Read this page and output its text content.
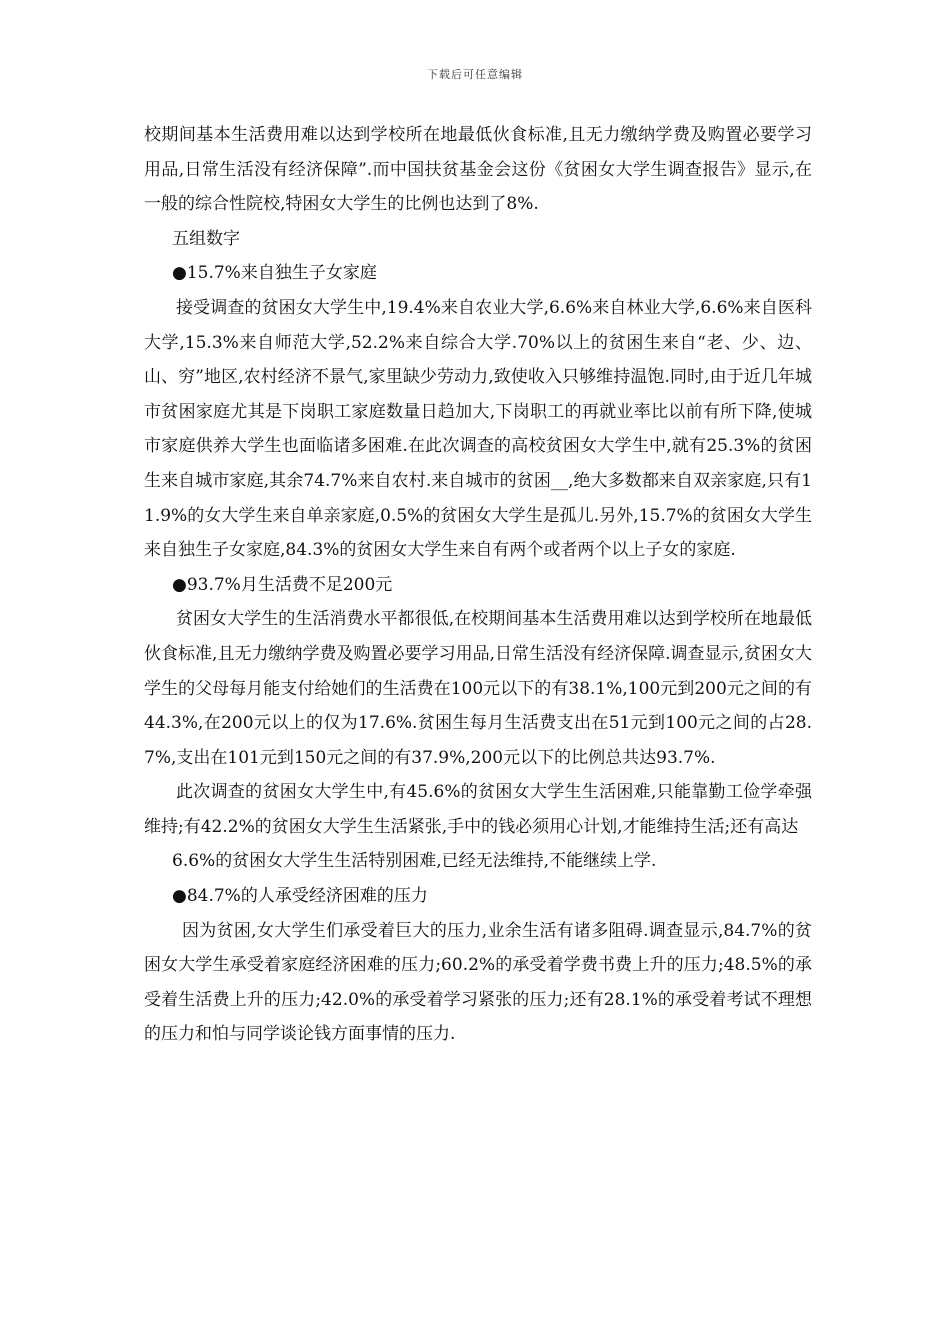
下载后可任意编辑

校期间基本生活费用难以达到学校所在地最低伙食标准,且无力缴纳学费及购置必要学习用品,日常生活没有经济保障”.而中国扶贫基金会这份《贫困女大学生调查报告》显示,在一般的综合性院校,特困女大学生的比例也达到了8%.

五组数字

●15.7%来自独生子女家庭

接受调查的贫困女大学生中,19.4%来自农业大学,6.6%来自林业大学,6.6%来自医科大学,15.3%来自师范大学,52.2%来自综合大学.70%以上的贫困生来自“老、少、边、山、穷”地区,农村经济不景气,家里缺少劳动力,致使收入只够维持温饱.同时,由于近几年城市贫困家庭尤其是下岗职工家庭数量日趋加大,下岗职工的再就业率比以前有所下降,使城市家庭供养大学生也面临诸多困难.在此次调查的高校贫困女大学生中,就有25.3%的贫困生来自城市家庭,其余74.7%来自农村.来自城市的贫困__,绝大多数都来自双亲家庭,只有11.9%的女大学生来自单亲家庭,0.5%的贫困女大学生是孤儿.另外,15.7%的贫困女大学生来自独生子女家庭,84.3%的贫困女大学生来自有两个或者两个以上子女的家庭.

●93.7%月生活费不足200元

贫困女大学生的生活消费水平都很低,在校期间基本生活费用难以达到学校所在地最低伙食标准,且无力缴纳学费及购置必要学习用品,日常生活没有经济保障.调查显示,贫困女大学生的父母每月能支付给她们的生活费在100元以下的有38.1%,100元到200元之间的有44.3%,在200元以上的仅为17.6%.贫困生每月生活费支出在51元到100元之间的占28.7%,支出在101元到150元之间的有37.9%,200元以下的比例总共达93.7%.

此次调查的贫困女大学生中,有45.6%的贫困女大学生生活困难,只能靠勤工俭学牵强维持;有42.2%的贫困女大学生生活紧张,手中的钱必须用心计划,才能维持生活;还有高达

6.6%的贫困女大学生生活特别困难,已经无法维持,不能继续上学.

●84.7%的人承受经济困难的压力

因为贫困,女大学生们承受着巨大的压力,业余生活有诸多阻碍.调查显示,84.7%的贫困女大学生承受着家庭经济困难的压力;60.2%的承受着学费书费上升的压力;48.5%的承受着生活费上升的压力;42.0%的承受着学习紧张的压力;还有28.1%的承受着考试不理想的压力和怕与同学谈论钱方面事情的压力.
